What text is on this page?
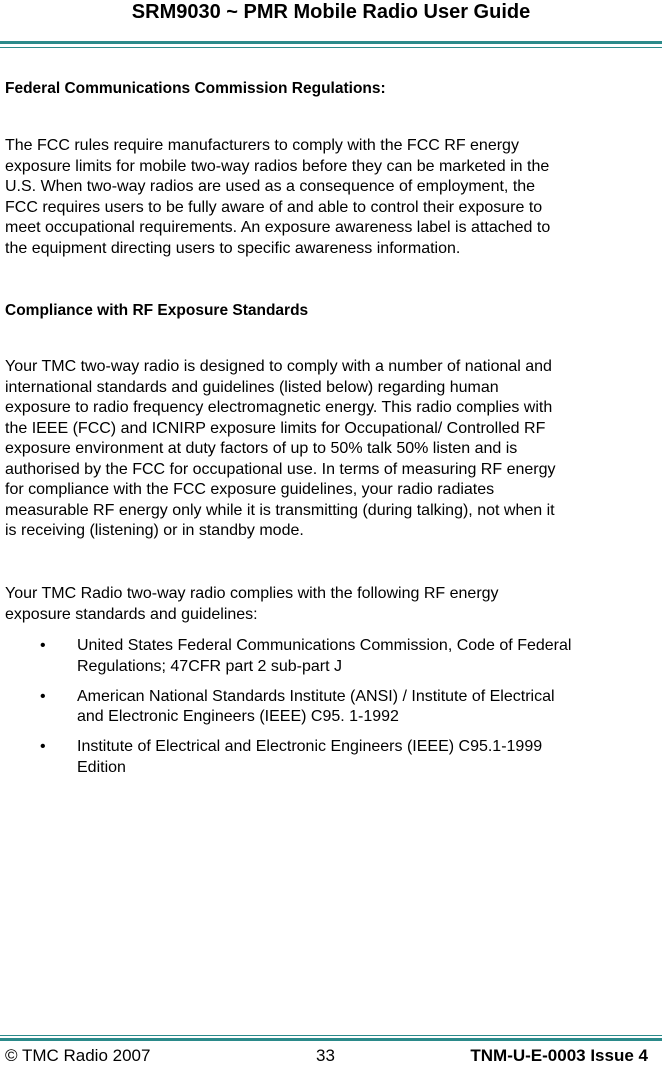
SRM9030 ~ PMR Mobile Radio User Guide
Federal Communications Commission Regulations:
The FCC rules require manufacturers to comply with the FCC RF energy
exposure limits for mobile two-way radios before they can be marketed in the
U.S. When two-way radios are used as a consequence of employment, the
FCC requires users to be fully aware of and able to control their exposure to
meet occupational requirements. An exposure awareness label is attached to
the equipment directing users to specific awareness information.
Compliance with RF Exposure Standards
Your TMC two-way radio is designed to comply with a number of national and
international standards and guidelines (listed below) regarding human
exposure to radio frequency electromagnetic energy. This radio complies with
the IEEE (FCC) and ICNIRP exposure limits for Occupational/ Controlled RF
exposure environment at duty factors of up to 50% talk 50% listen and is
authorised by the FCC for occupational use. In terms of measuring RF energy
for compliance with the FCC exposure guidelines, your radio radiates
measurable RF energy only while it is transmitting (during talking), not when it
is receiving (listening) or in standby mode.
Your TMC Radio two-way radio complies with the following RF energy
exposure standards and guidelines:
• United States Federal Communications Commission, Code of Federal
Regulations; 47CFR part 2 sub-part J
• American National Standards Institute (ANSI) / Institute of Electrical
and Electronic Engineers (IEEE) C95. 1-1992
• Institute of Electrical and Electronic Engineers (IEEE) C95.1-1999
Edition
© TMC Radio 2007	33	TNM-U-E-0003 Issue 4
